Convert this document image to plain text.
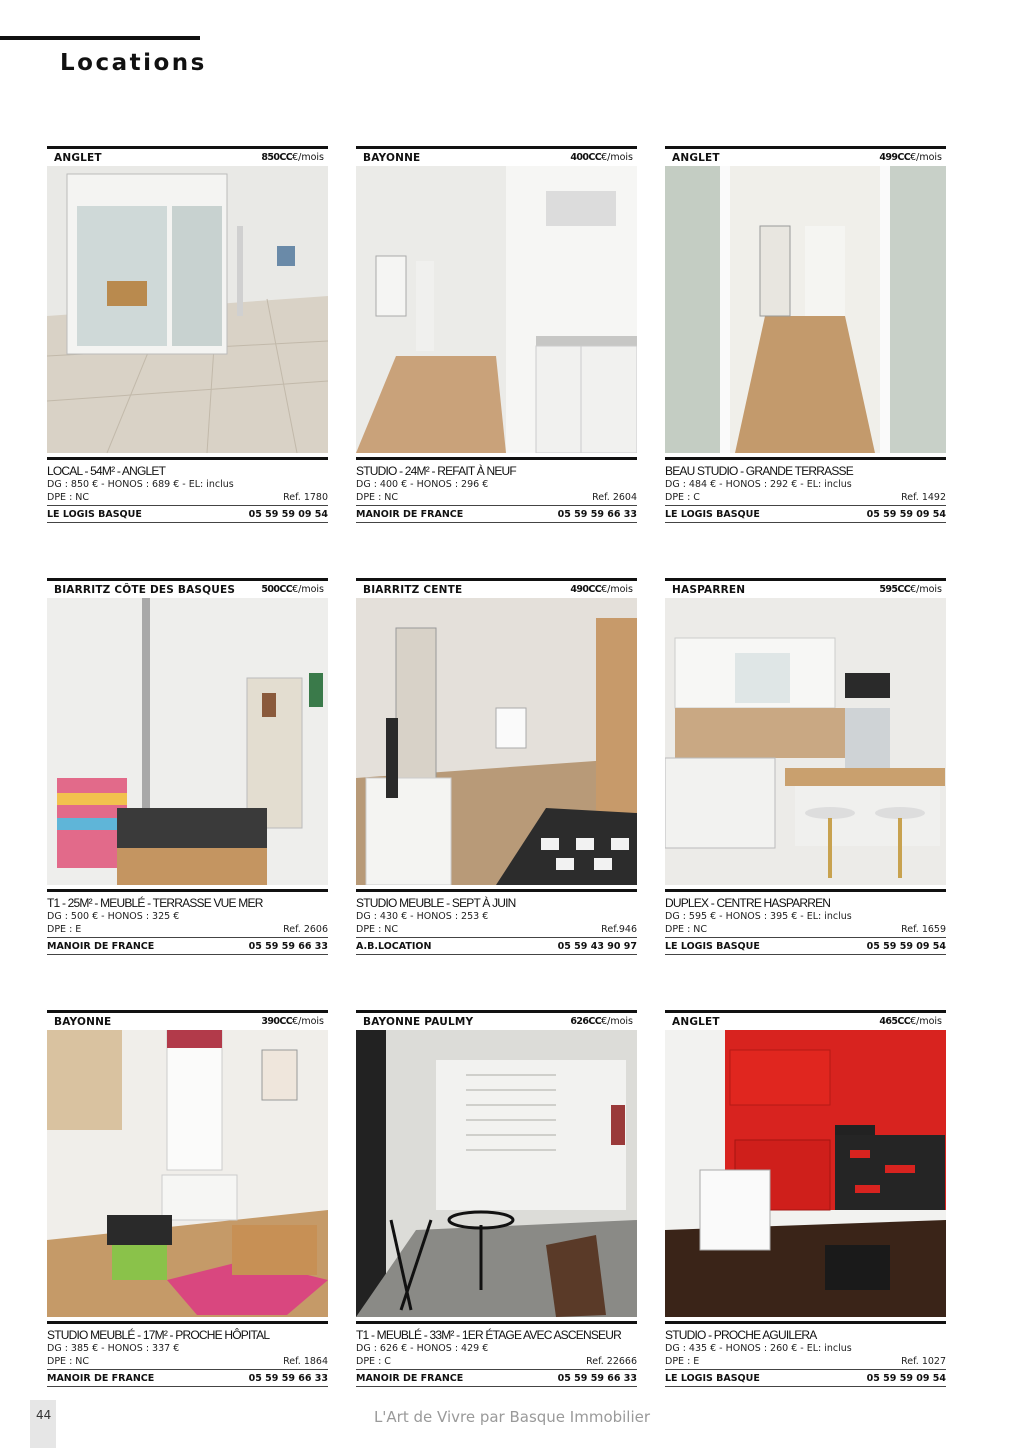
Locations
ANGLET	850CC€/mois
LOCAL - 54M² - ANGLET
DG : 850 € - HONOS : 689 € - EL: inclus
DPE : NC	Ref. 1780
LE LOGIS BASQUE	05 59 59 09 54
BAYONNE	400CC€/mois
STUDIO - 24M² - REFAIT À NEUF
DG : 400 € - HONOS : 296 €
DPE : NC	Ref. 2604
MANOIR DE FRANCE	05 59 59 66 33
ANGLET	499CC€/mois
BEAU STUDIO - GRANDE TERRASSE
DG : 484 € - HONOS : 292 € - EL: inclus
DPE : C	Ref. 1492
LE LOGIS BASQUE	05 59 59 09 54
BIARRITZ CÔTE DES BASQUES	500CC€/mois
T1 - 25M² - MEUBLÉ - TERRASSE VUE MER
DG : 500 € - HONOS : 325 €
DPE : E	Ref. 2606
MANOIR DE FRANCE	05 59 59 66 33
BIARRITZ CENTE	490CC€/mois
STUDIO MEUBLE - SEPT À JUIN
DG : 430 € - HONOS : 253 €
DPE : NC	Ref.946
A.B.LOCATION	05 59 43 90 97
HASPARREN	595CC€/mois
DUPLEX - CENTRE HASPARREN
DG : 595 € - HONOS : 395 € - EL: inclus
DPE : NC	Ref. 1659
LE LOGIS BASQUE	05 59 59 09 54
BAYONNE	390CC€/mois
STUDIO MEUBLÉ - 17M² - PROCHE HÔPITAL
DG : 385 € - HONOS : 337 €
DPE : NC	Ref. 1864
MANOIR DE FRANCE	05 59 59 66 33
BAYONNE PAULMY	626CC€/mois
T1 - MEUBLÉ - 33M² - 1ER ÉTAGE AVEC ASCENSEUR
DG : 626 € - HONOS : 429 €
DPE : C	Ref. 22666
MANOIR DE FRANCE	05 59 59 66 33
ANGLET	465CC€/mois
STUDIO - PROCHE AGUILERA
DG : 435 € - HONOS : 260 € - EL: inclus
DPE : E	Ref. 1027
LE LOGIS BASQUE	05 59 59 09 54
44	L'Art de Vivre par Basque Immobilier
